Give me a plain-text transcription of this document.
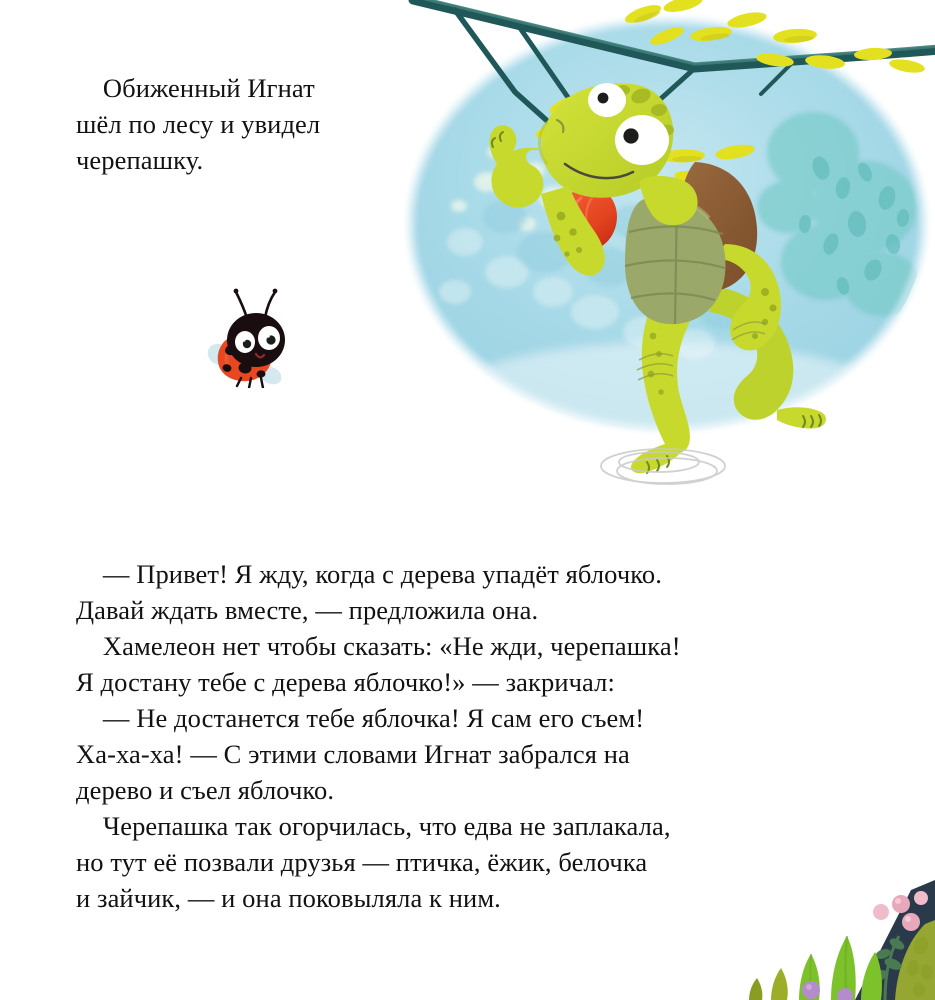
Обиженный Игнат
шёл по лесу и увидел
черепашку.

— Привет! Я жду, когда с дерева упадёт яблочко.
Давай ждать вместе, — предложила она.

Хамелеон нет чтобы сказать: «Не жди, черепашка!
Я достану тебе с дерева яблочко!» — закричал:

— Не достанется тебе яблочка! Я сам его съем!
Ха-ха-ха! — С этими словами Игнат забрался на
дерево и съел яблочко.

Черепашка так огорчилась, что едва не заплакала,
но тут её позвали друзья — птичка, ёжик, белочка
и зайчик, — и она поковыляла к ним.
